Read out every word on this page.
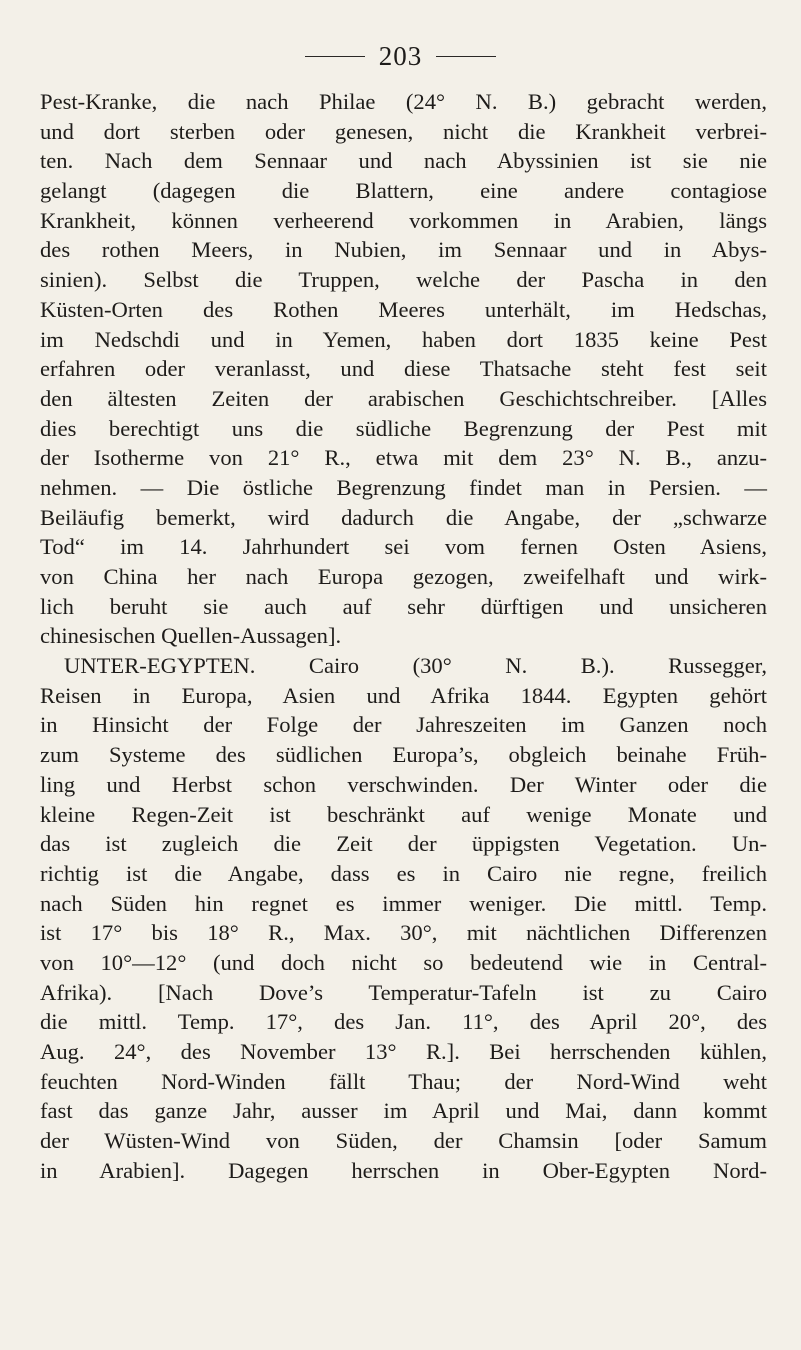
203
Pest-Kranke, die nach Philae (24° N. B.) gebracht werden,
und dort sterben oder genesen, nicht die Krankheit verbrei-
ten. Nach dem Sennaar und nach Abyssinien ist sie nie
gelangt (dagegen die Blattern, eine andere contagiose
Krankheit, können verheerend vorkommen in Arabien, längs
des rothen Meers, in Nubien, im Sennaar und in Abys-
sinien). Selbst die Truppen, welche der Pascha in den
Küsten-Orten des Rothen Meeres unterhält, im Hedschas,
im Nedschdi und in Yemen, haben dort 1835 keine Pest
erfahren oder veranlasst, und diese Thatsache steht fest seit
den ältesten Zeiten der arabischen Geschichtschreiber. [Alles
dies berechtigt uns die südliche Begrenzung der Pest mit
der Isotherme von 21° R., etwa mit dem 23° N. B., anzu-
nehmen. — Die östliche Begrenzung findet man in Persien. —
Beiläufig bemerkt, wird dadurch die Angabe, der „schwarze
Tod“ im 14. Jahrhundert sei vom fernen Osten Asiens,
von China her nach Europa gezogen, zweifelhaft und wirk-
lich beruht sie auch auf sehr dürftigen und unsicheren
chinesischen Quellen-Aussagen].
UNTER-EGYPTEN. Cairo (30° N. B.). Russegger,
Reisen in Europa, Asien und Afrika 1844. Egypten gehört
in Hinsicht der Folge der Jahreszeiten im Ganzen noch
zum Systeme des südlichen Europa’s, obgleich beinahe Früh-
ling und Herbst schon verschwinden. Der Winter oder die
kleine Regen-Zeit ist beschränkt auf wenige Monate und
das ist zugleich die Zeit der üppigsten Vegetation. Un-
richtig ist die Angabe, dass es in Cairo nie regne, freilich
nach Süden hin regnet es immer weniger. Die mittl. Temp.
ist 17° bis 18° R., Max. 30°, mit nächtlichen Differenzen
von 10°—12° (und doch nicht so bedeutend wie in Central-
Afrika). [Nach Dove’s Temperatur-Tafeln ist zu Cairo
die mittl. Temp. 17°, des Jan. 11°, des April 20°, des
Aug. 24°, des November 13° R.]. Bei herrschenden kühlen,
feuchten Nord-Winden fällt Thau; der Nord-Wind weht
fast das ganze Jahr, ausser im April und Mai, dann kommt
der Wüsten-Wind von Süden, der Chamsin [oder Samum
in Arabien]. Dagegen herrschen in Ober-Egypten Nord-
